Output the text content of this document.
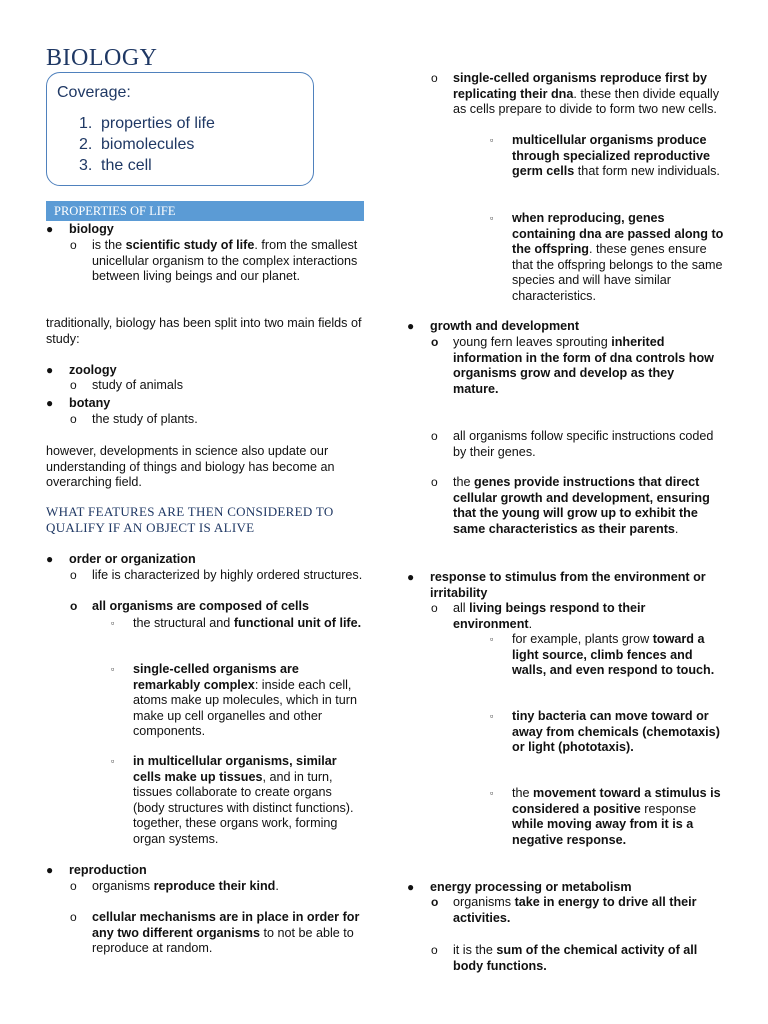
BIOLOGY
Coverage:
1. properties of life
2. biomolecules
3. the cell
PROPERTIES OF LIFE
● biology
o is the scientific study of life. from the smallest unicellular organism to the complex interactions between living beings and our planet.
traditionally, biology has been split into two main fields of study:
● zoology
o study of animals
● botany
o the study of plants.
however, developments in science also update our understanding of things and biology has become an overarching field.
WHAT FEATURES ARE THEN CONSIDERED TO QUALIFY IF AN OBJECT IS ALIVE
● order or organization
o life is characterized by highly ordered structures.
o all organisms are composed of cells
▫ the structural and functional unit of life.
▫ single-celled organisms are remarkably complex: inside each cell, atoms make up molecules, which in turn make up cell organelles and other components.
▫ in multicellular organisms, similar cells make up tissues, and in turn, tissues collaborate to create organs (body structures with distinct functions). together, these organs work, forming organ systems.
● reproduction
o organisms reproduce their kind.
o cellular mechanisms are in place in order for any two different organisms to not be able to reproduce at random.
o single-celled organisms reproduce first by replicating their dna. these then divide equally as cells prepare to divide to form two new cells.
▫ multicellular organisms produce through specialized reproductive germ cells that form new individuals.
▫ when reproducing, genes containing dna are passed along to the offspring. these genes ensure that the offspring belongs to the same species and will have similar characteristics.
● growth and development
o young fern leaves sprouting inherited information in the form of dna controls how organisms grow and develop as they
mature.
o all organisms follow specific instructions coded by their genes.
o the genes provide instructions that direct cellular growth and development, ensuring that the young will grow up to exhibit the same characteristics as their parents.
● response to stimulus from the environment or irritability
o all living beings respond to their
environment.
▫ for example, plants grow toward a light source, climb fences and walls, and even respond to touch.
▫ tiny bacteria can move toward or away from chemicals (chemotaxis) or light (phototaxis).
▫ the movement toward a stimulus is considered a positive response while moving away from it is a negative response.
● energy processing or metabolism
o organisms take in energy to drive all their activities.
o it is the sum of the chemical activity of all body functions.
